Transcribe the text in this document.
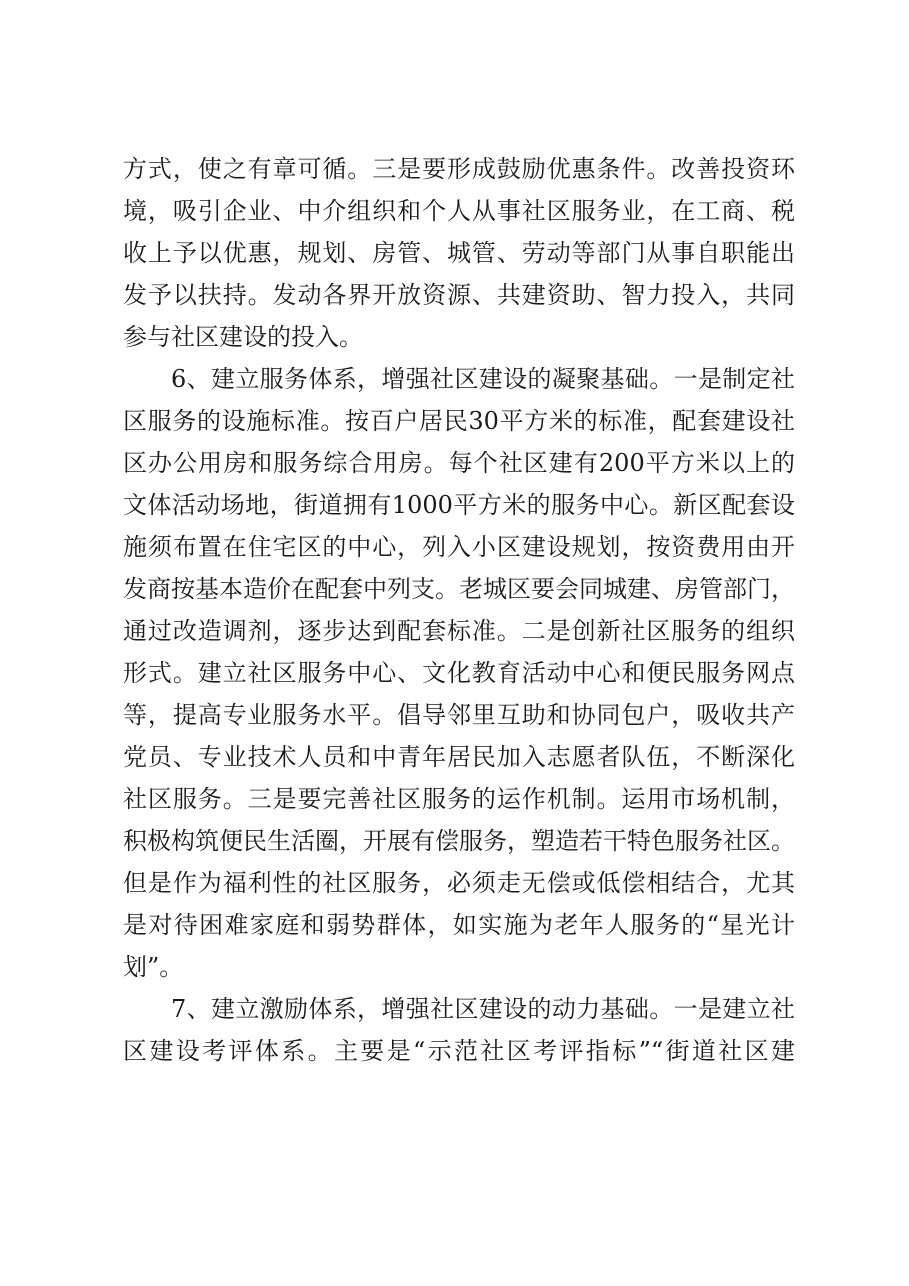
方式，使之有章可循。三是要形成鼓励优惠条件。改善投资环

境，吸引企业、中介组织和个人从事社区服务业，在工商、税

收上予以优惠，规划、房管、城管、劳动等部门从事自职能出

发予以扶持。发动各界开放资源、共建资助、智力投入，共同

参与社区建设的投入。

6、建立服务体系，增强社区建设的凝聚基础。一是制定社

区服务的设施标准。按百户居民30平方米的标准，配套建设社

区办公用房和服务综合用房。每个社区建有200平方米以上的

文体活动场地，街道拥有1000平方米的服务中心。新区配套设

施须布置在住宅区的中心，列入小区建设规划，按资费用由开

发商按基本造价在配套中列支。老城区要会同城建、房管部门，

通过改造调剂，逐步达到配套标准。二是创新社区服务的组织

形式。建立社区服务中心、文化教育活动中心和便民服务网点

等，提高专业服务水平。倡导邻里互助和协同包户，吸收共产

党员、专业技术人员和中青年居民加入志愿者队伍，不断深化

社区服务。三是要完善社区服务的运作机制。运用市场机制，

积极构筑便民生活圈，开展有偿服务，塑造若干特色服务社区。

但是作为福利性的社区服务，必须走无偿或低偿相结合，尤其

是对待困难家庭和弱势群体，如实施为老年人服务的“星光计

划”。

7、建立激励体系，增强社区建设的动力基础。一是建立社

区建设考评体系。主要是“示范社区考评指标”“街道社区建
